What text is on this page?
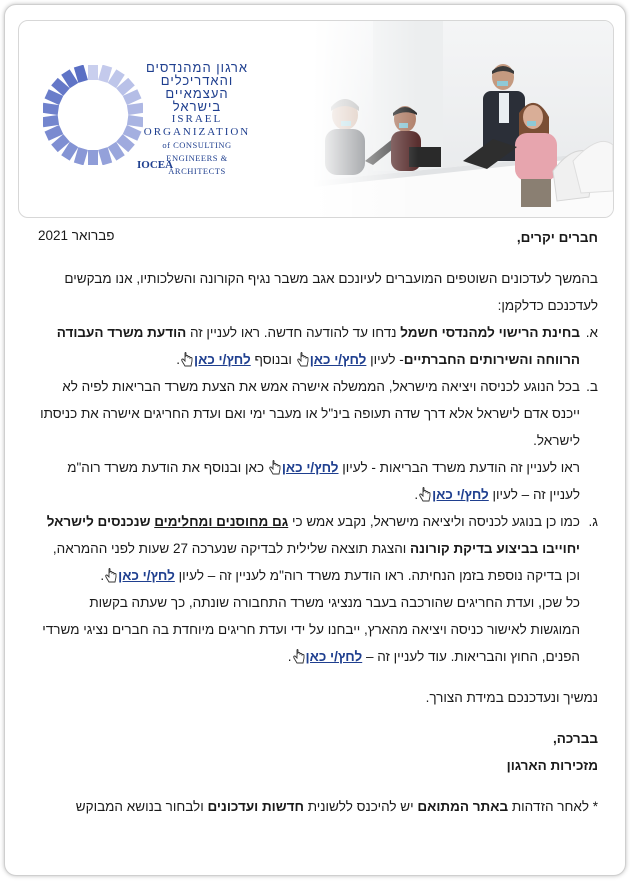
ארגון המהנדסים
והאדריכלים
העצמאיים
בישראל
ISRAEL
ORGANIZATION
of CONSULTING
ENGINEERS & ARCHITECTS
IOCEA
פברואר 2021	חברים יקרים,
בהמשך לעדכונים השוטפים המועברים לעיונכם אגב משבר נגיף הקורונה והשלכותיו, אנו מבקשים לעדכנכם כדלקמן:
א.
בחינת הרישוי למהנדסי חשמל נדחו עד להודעה חדשה. ראו לעניין זה הודעת משרד העבודה הרווחה והשירותים החברתיים- לעיון לחץ/י כאן ובנוסף לחץ/י כאן.
ב.
בכל הנוגע לכניסה ויציאה מישראל, הממשלה אישרה אמש את הצעת משרד הבריאות לפיה לא ייכנס אדם לישראל אלא דרך שדה תעופה בינ"ל או מעבר ימי ואם ועדת החריגים אישרה את כניסתו לישראל.
ראו לעניין זה הודעת משרד הבריאות - לעיון לחץ/י כאן כאן ובנוסף את הודעת משרד רוה"מ לעניין זה – לעיון לחץ/י כאן.
ג.
כמו כן בנוגע לכניסה וליציאה מישראל, נקבע אמש כי גם מחוסנים ומחלימים שנכנסים לישראל יחוייבו בביצוע בדיקת קורונה והצגת תוצאה שלילית לבדיקה שנערכה 27 שעות לפני ההמראה, וכן בדיקה נוספת בזמן הנחיתה. ראו הודעת משרד רוה"מ לעניין זה – לעיון לחץ/י כאן.
כל שכן, ועדת החריגים שהורכבה בעבר מנציגי משרד התחבורה שונתה, כך שעתה בקשות המוגשות לאישור כניסה ויציאה מהארץ, ייבחנו על ידי ועדת חריגים מיוחדת בה חברים נציגי משרדי הפנים, החוץ והבריאות. עוד לעניין זה – לחץ/י כאן.
נמשיך ונעדכנכם במידת הצורך.
בברכה,
מזכירות הארגון
* לאחר הזדהות באתר המתואם יש להיכנס ללשונית חדשות ועדכונים ולבחור בנושא המבוקש
